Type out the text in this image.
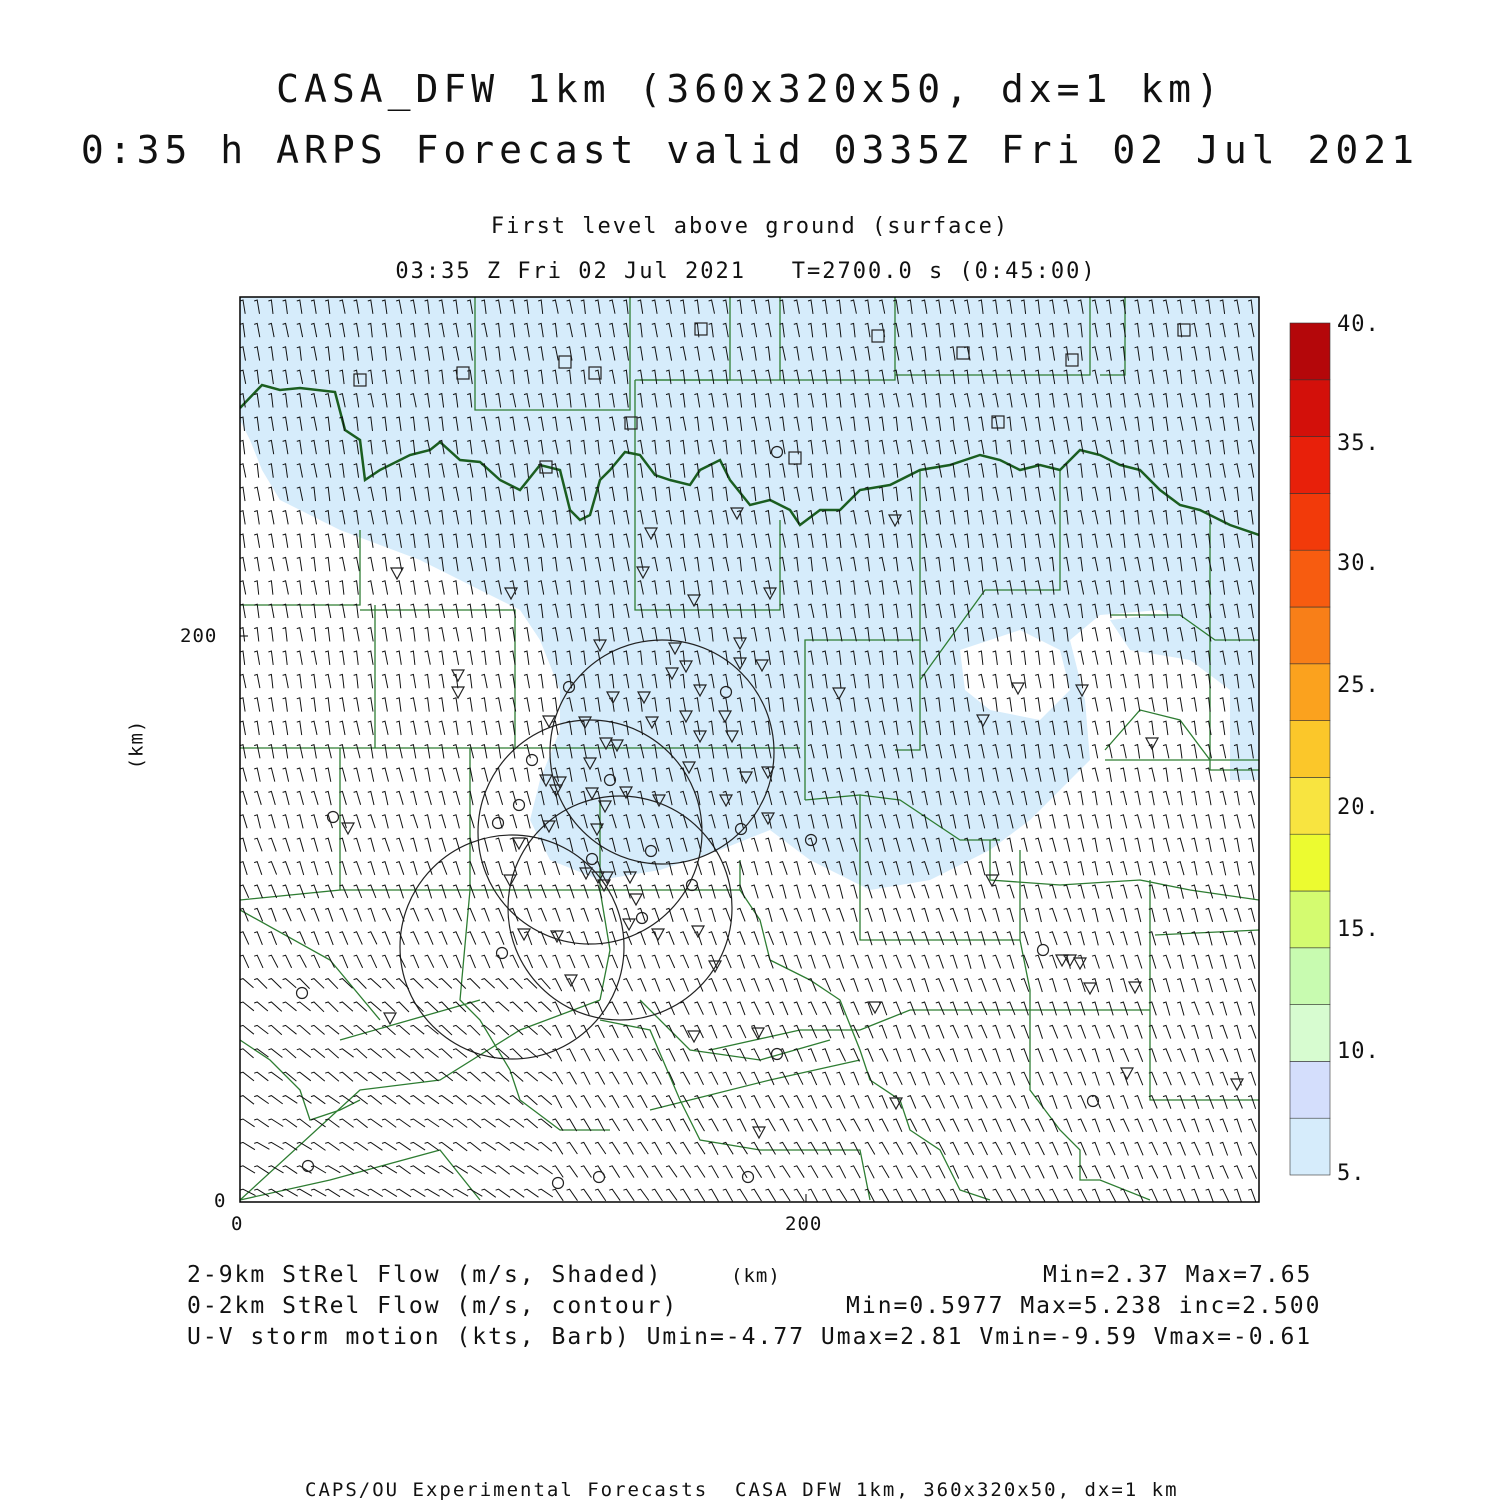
CASA_DFW 1km (360x320x50, dx=1 km)
0:35 h ARPS Forecast valid 0335Z Fri 02 Jul 2021
First level above ground (surface)
03:35 Z Fri 02 Jul 2021   T=2700.0 s (0:45:00)
0
200
0	200
(km)
5.
10.
15.
20.
25.
30.
35.
40.
2-9km StRel Flow (m/s, Shaded)	(km)	Min=2.37 Max=7.65
0-2km StRel Flow (m/s, contour)	Min=0.5977 Max=5.238 inc=2.500
U-V storm motion (kts, Barb) Umin=-4.77 Umax=2.81 Vmin=-9.59 Vmax=-0.61
CAPS/OU Experimental Forecasts  CASA DFW 1km, 360x320x50, dx=1 km
